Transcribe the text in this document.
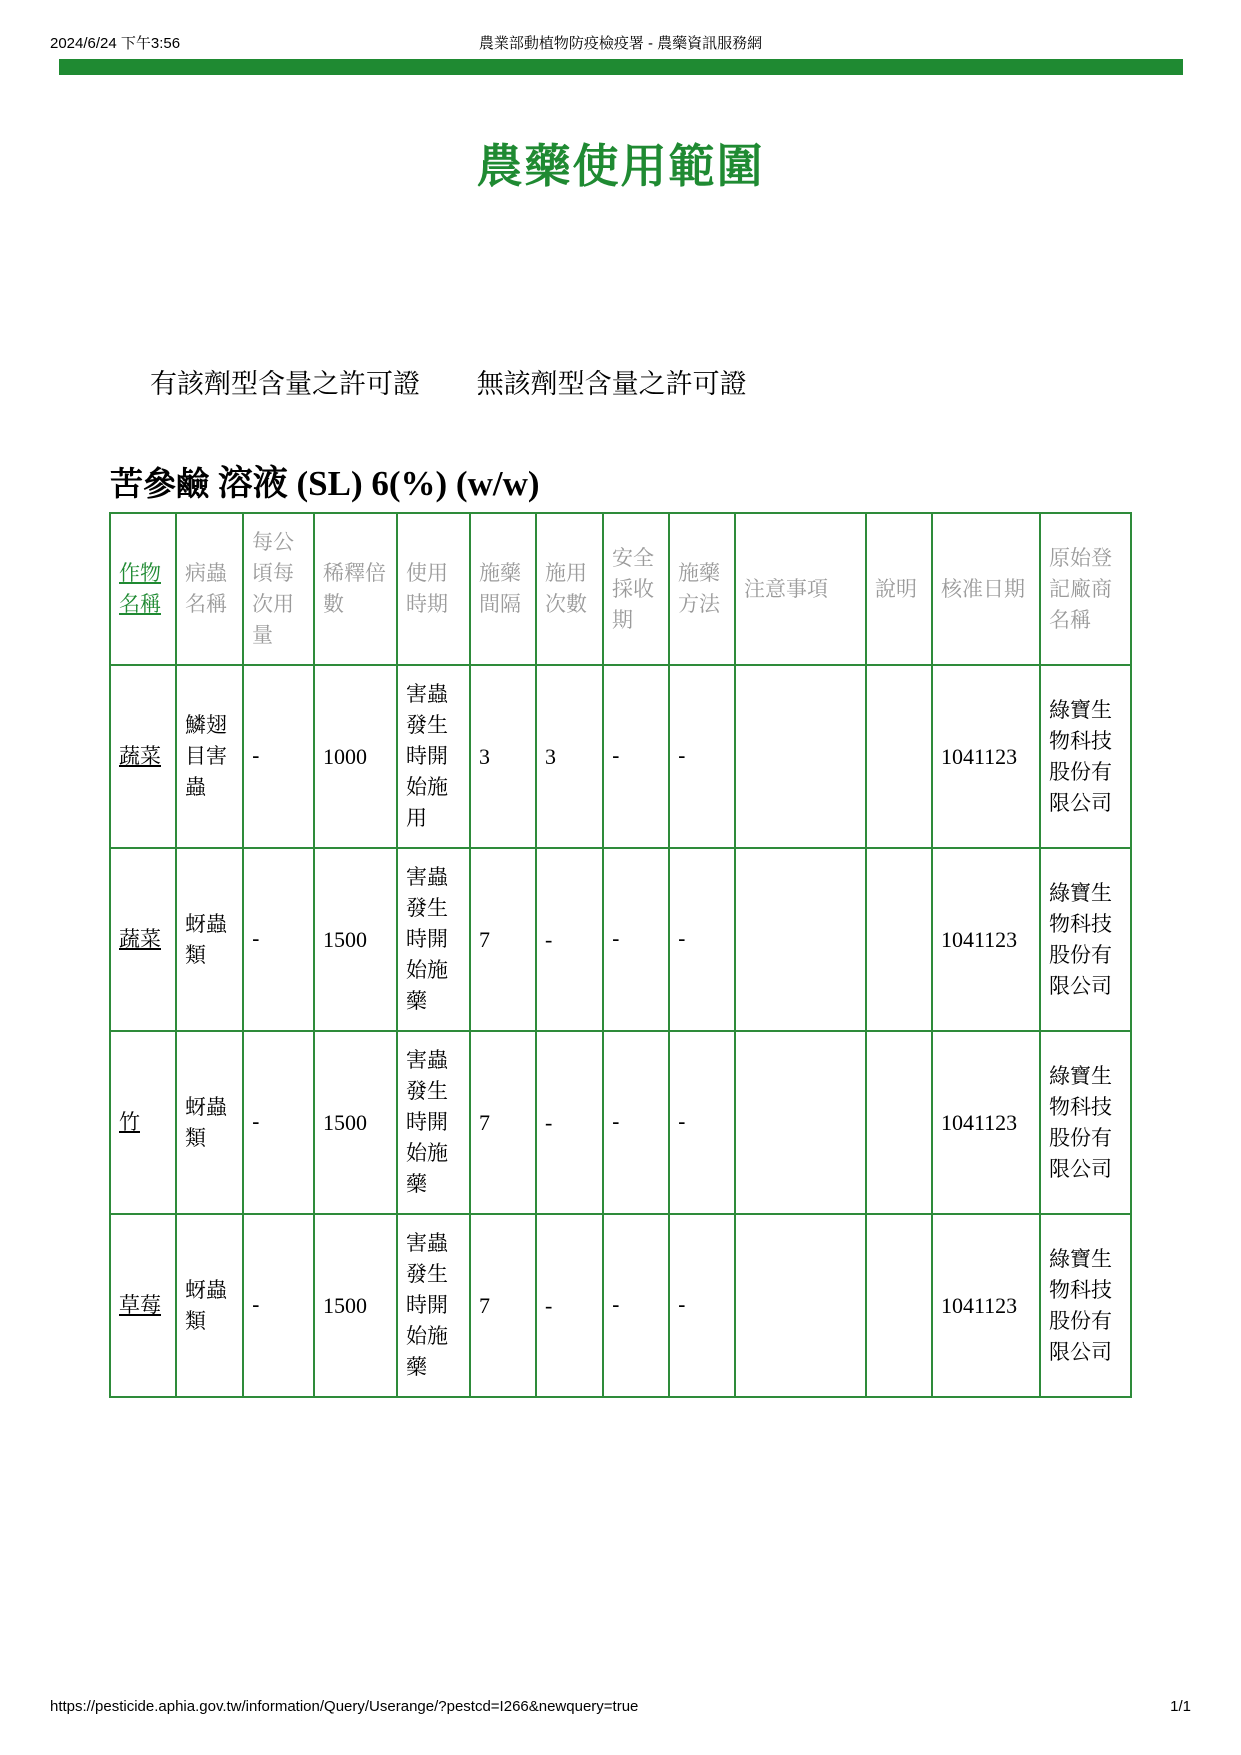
2024/6/24 下午3:56	農業部動植物防疫檢疫署 - 農藥資訊服務網
農藥使用範圍
有該劑型含量之許可證 無該劑型含量之許可證
苦參鹼 溶液 (SL) 6(%) (w/w)
作物名稱	病蟲名稱	每公頃每次用量	稀釋倍數	使用時期	施藥間隔	施用次數	安全採收期	施藥方法	注意事項	說明	核准日期	原始登記廠商名稱
蔬菜	鱗翅目害蟲	-	1000	害蟲發生時開始施用	3	3	-	-			1041123	綠寶生物科技股份有限公司
蔬菜	蚜蟲類	-	1500	害蟲發生時開始施藥	7	-	-	-			1041123	綠寶生物科技股份有限公司
竹	蚜蟲類	-	1500	害蟲發生時開始施藥	7	-	-	-			1041123	綠寶生物科技股份有限公司
草莓	蚜蟲類	-	1500	害蟲發生時開始施藥	7	-	-	-			1041123	綠寶生物科技股份有限公司
https://pesticide.aphia.gov.tw/information/Query/Userange/?pestcd=I266&newquery=true	1/1
